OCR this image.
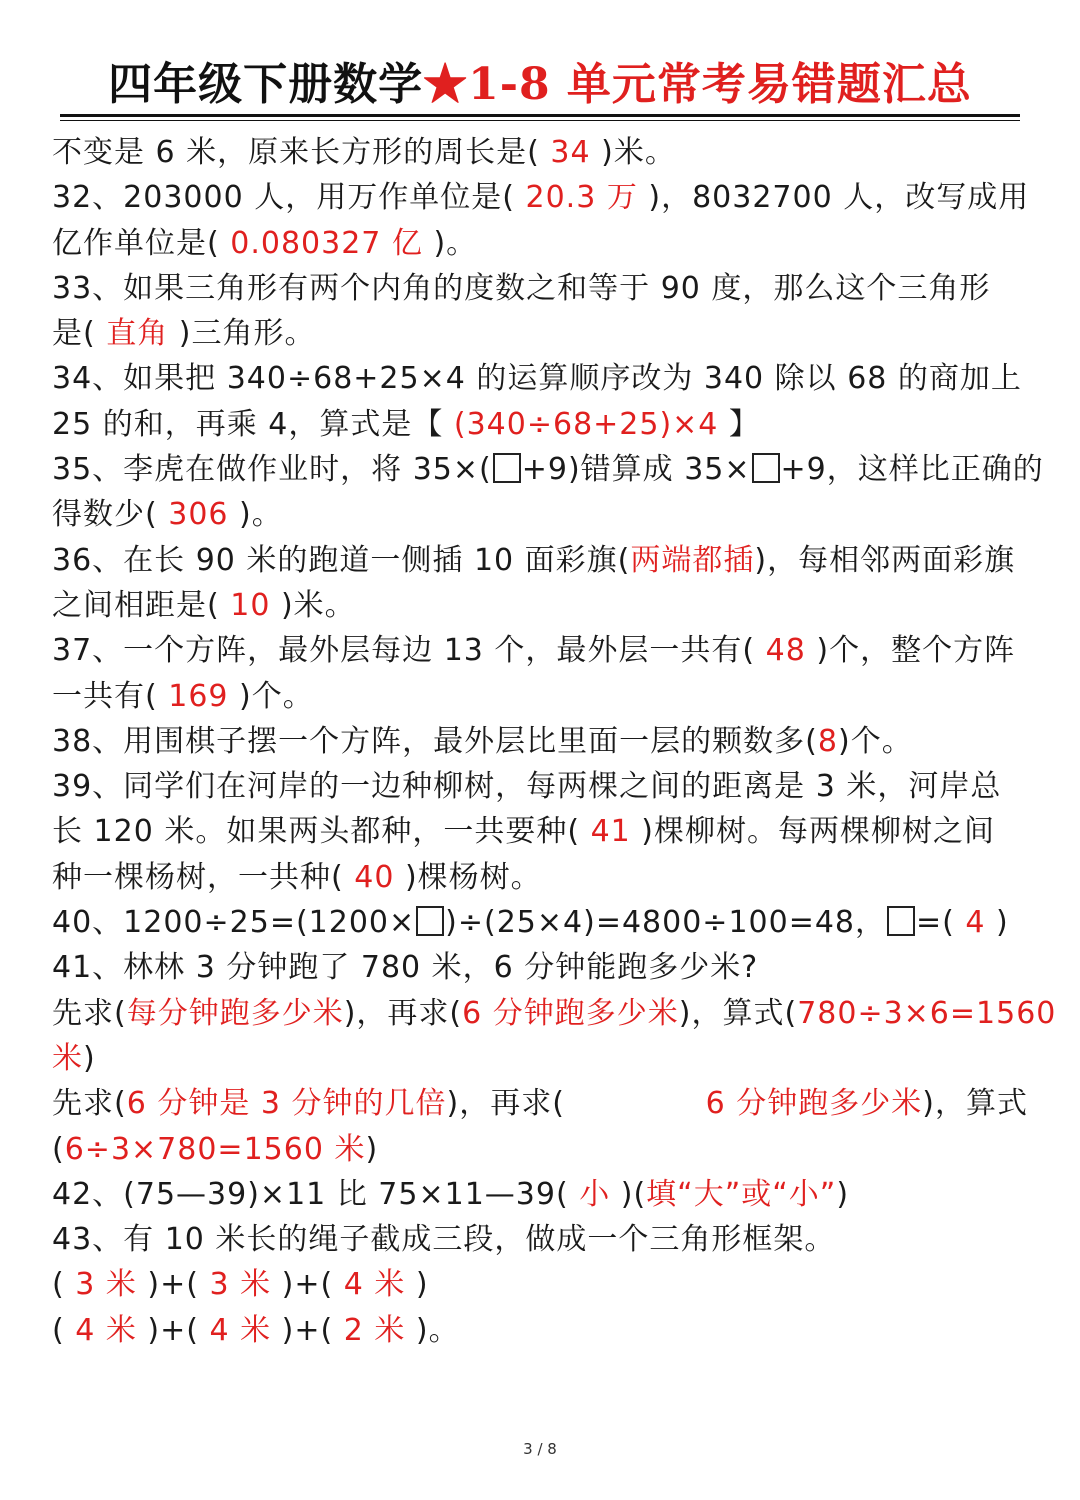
四年级下册数学★1-8 单元常考易错题汇总
不变是 6 米，原来长方形的周长是( 34 )米。
32、203000 人，用万作单位是( 20.3 万 )，8032700 人，改写成用
亿作单位是( 0.080327 亿 )。
33、如果三角形有两个内角的度数之和等于 90 度，那么这个三角形
是( 直角 )三角形。
34、如果把 340÷68+25×4 的运算顺序改为 340 除以 68 的商加上
25 的和，再乘 4，算式是【 (340÷68+25)×4 】
35、李虎在做作业时，将 35×( +9)错算成 35× +9，这样比正确的
得数少( 306 )。
36、在长 90 米的跑道一侧插 10 面彩旗(两端都插)，每相邻两面彩旗
之间相距是( 10 )米。
37、一个方阵，最外层每边 13 个，最外层一共有( 48 )个，整个方阵
一共有( 169 )个。
38、用围棋子摆一个方阵，最外层比里面一层的颗数多(8)个。
39、同学们在河岸的一边种柳树，每两棵之间的距离是 3 米，河岸总
长 120 米。如果两头都种，一共要种( 41 )棵柳树。每两棵柳树之间
种一棵杨树，一共种( 40 )棵杨树。
40、1200÷25=(1200× )÷(25×4)=4800÷100=48， =( 4 )
41、林林 3 分钟跑了 780 米，6 分钟能跑多少米?
先求(每分钟跑多少米)，再求(6 分钟跑多少米)，算式(780÷3×6=1560
米)
先求(6 分钟是 3 分钟的几倍)，再求(	6 分钟跑多少米)，算式
(6÷3×780=1560 米)
42、(75—39)×11 比 75×11—39( 小 )(填“大”或“小”)
43、有 10 米长的绳子截成三段，做成一个三角形框架。
( 3 米 )+( 3 米 )+( 4 米 )
( 4 米 )+( 4 米 )+( 2 米 )。
3 / 8
